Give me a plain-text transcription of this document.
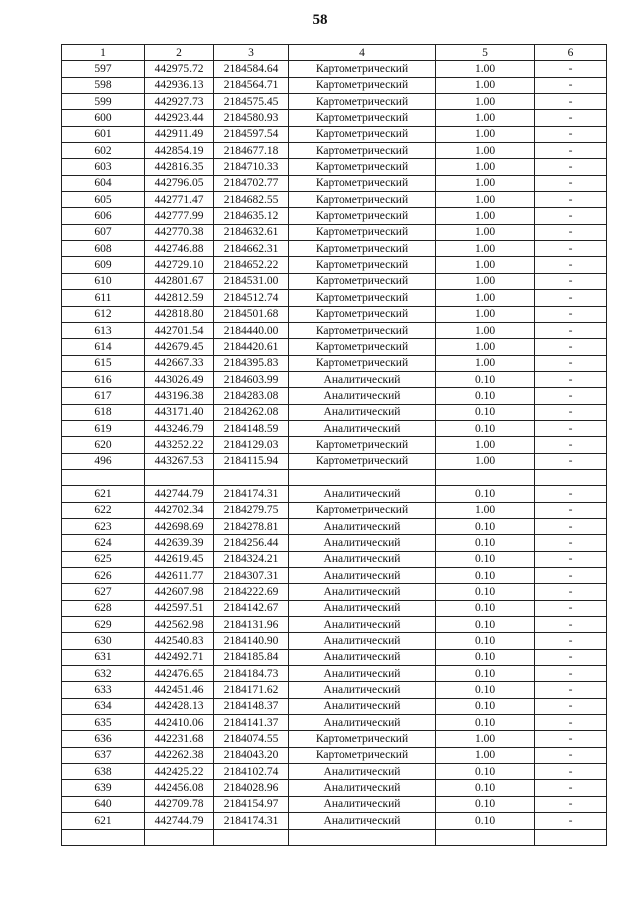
58
1	2	3	4	5	6
597	442975.72	2184584.64	Картометрический	1.00	-
598	442936.13	2184564.71	Картометрический	1.00	-
599	442927.73	2184575.45	Картометрический	1.00	-
600	442923.44	2184580.93	Картометрический	1.00	-
601	442911.49	2184597.54	Картометрический	1.00	-
602	442854.19	2184677.18	Картометрический	1.00	-
603	442816.35	2184710.33	Картометрический	1.00	-
604	442796.05	2184702.77	Картометрический	1.00	-
605	442771.47	2184682.55	Картометрический	1.00	-
606	442777.99	2184635.12	Картометрический	1.00	-
607	442770.38	2184632.61	Картометрический	1.00	-
608	442746.88	2184662.31	Картометрический	1.00	-
609	442729.10	2184652.22	Картометрический	1.00	-
610	442801.67	2184531.00	Картометрический	1.00	-
611	442812.59	2184512.74	Картометрический	1.00	-
612	442818.80	2184501.68	Картометрический	1.00	-
613	442701.54	2184440.00	Картометрический	1.00	-
614	442679.45	2184420.61	Картометрический	1.00	-
615	442667.33	2184395.83	Картометрический	1.00	-
616	443026.49	2184603.99	Аналитический	0.10	-
617	443196.38	2184283.08	Аналитический	0.10	-
618	443171.40	2184262.08	Аналитический	0.10	-
619	443246.79	2184148.59	Аналитический	0.10	-
620	443252.22	2184129.03	Картометрический	1.00	-
496	443267.53	2184115.94	Картометрический	1.00	-

621	442744.79	2184174.31	Аналитический	0.10	-
622	442702.34	2184279.75	Картометрический	1.00	-
623	442698.69	2184278.81	Аналитический	0.10	-
624	442639.39	2184256.44	Аналитический	0.10	-
625	442619.45	2184324.21	Аналитический	0.10	-
626	442611.77	2184307.31	Аналитический	0.10	-
627	442607.98	2184222.69	Аналитический	0.10	-
628	442597.51	2184142.67	Аналитический	0.10	-
629	442562.98	2184131.96	Аналитический	0.10	-
630	442540.83	2184140.90	Аналитический	0.10	-
631	442492.71	2184185.84	Аналитический	0.10	-
632	442476.65	2184184.73	Аналитический	0.10	-
633	442451.46	2184171.62	Аналитический	0.10	-
634	442428.13	2184148.37	Аналитический	0.10	-
635	442410.06	2184141.37	Аналитический	0.10	-
636	442231.68	2184074.55	Картометрический	1.00	-
637	442262.38	2184043.20	Картометрический	1.00	-
638	442425.22	2184102.74	Аналитический	0.10	-
639	442456.08	2184028.96	Аналитический	0.10	-
640	442709.78	2184154.97	Аналитический	0.10	-
621	442744.79	2184174.31	Аналитический	0.10	-
